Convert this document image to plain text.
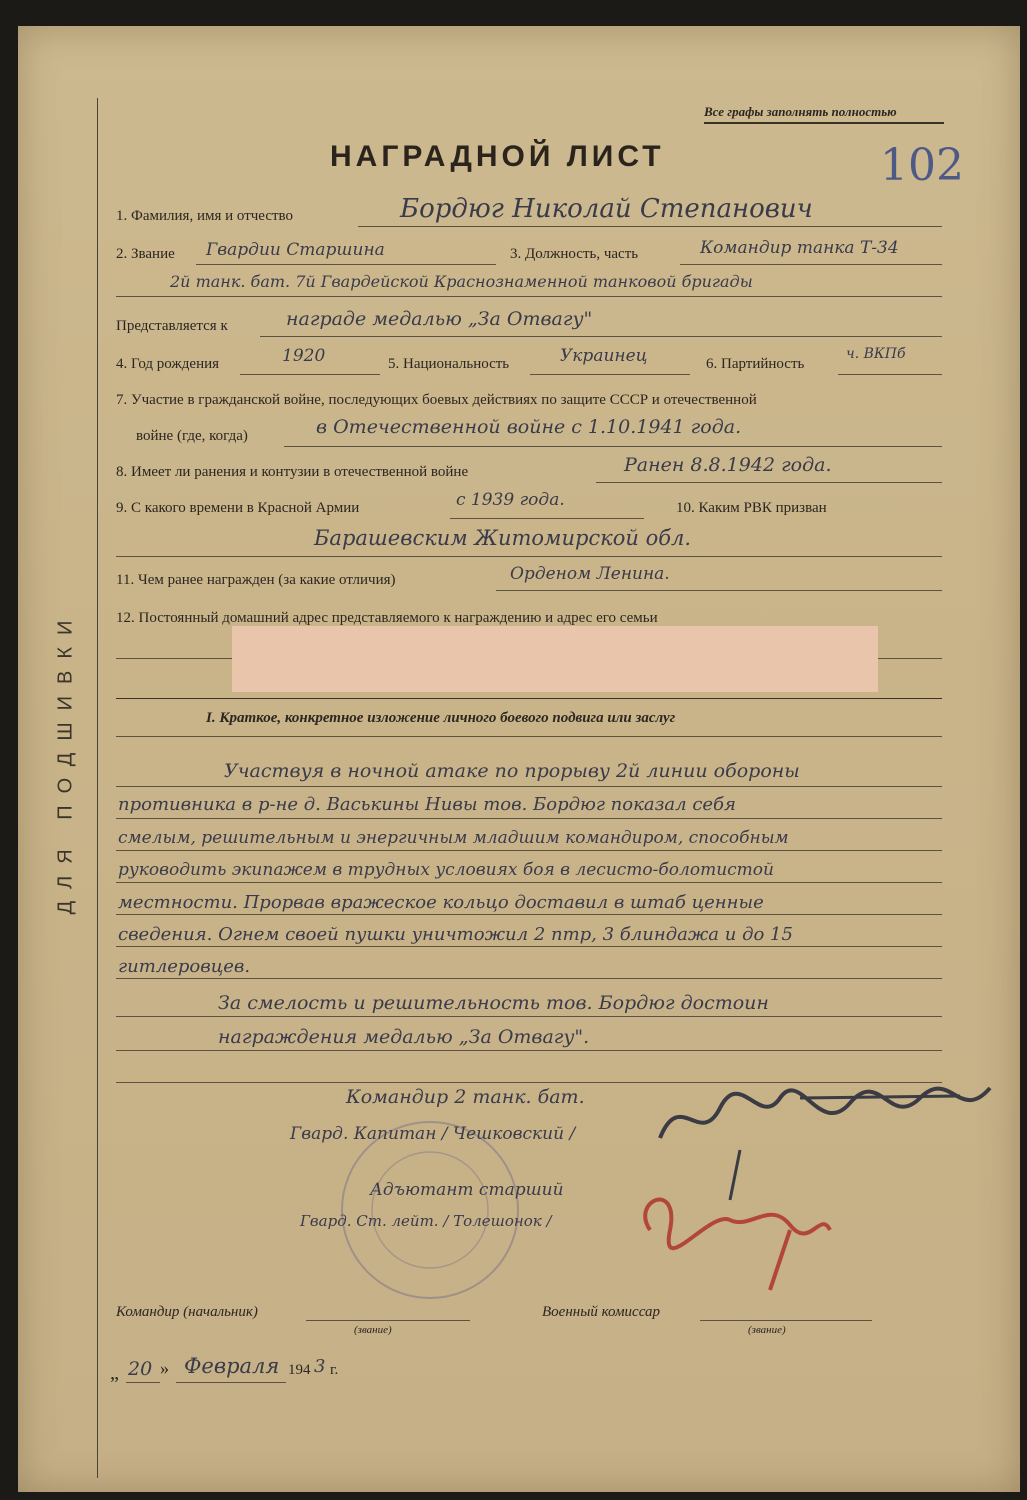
ДЛЯ ПОДШИВКИ
Все графы заполнять полностью
102
НАГРАДНОЙ ЛИСТ
1. Фамилия, имя и отчество	Бордюг Николай Степанович
2. Звание Гвардии Старшина	3. Должность, часть	Командир танка Т-34
2й танк. бат. 7й Гвардейской Краснознаменной танковой бригады
Представляется к	награде медалью „За Отвагу"
4. Год рождения	1920	5. Национальность	Украинец	6. Партийность
ч. ВКПб
7. Участие в гражданской войне, последующих боевых действиях по защите СССР и отечественной
войне (где, когда)	в Отечественной войне с 1.10.1941 года.
8. Имеет ли ранения и контузии в отечественной войне	Ранен 8.8.1942 года.
9. С какого времени в Красной Армии	с 1939 года.	10. Каким РВК призван
Барашевским Житомирской обл.
11. Чем ранее награжден (за какие отличия)	Орденом Ленина.
12. Постоянный домашний адрес представляемого к награждению и адрес его семьи
I. Краткое, конкретное изложение личного боевого подвига или заслуг
Участвуя в ночной атаке по прорыву 2й линии обороны
противника в р-не д. Васькины Нивы тов. Бордюг показал себя
смелым, решительным и энергичным младшим командиром, способным
руководить экипажем в трудных условиях боя в лесисто-болотистой
местности. Прорвав вражеское кольцо доставил в штаб ценные
сведения. Огнем своей пушки уничтожил 2 птр, 3 блиндажа и до 15
гитлеровцев.
За смелость и решительность тов. Бордюг достоин
награждения медалью „За Отвагу".
Командир 2 танк. бат.
Гвард. Капитан / Чешковский /
Адъютант старший
Гвард. Ст. лейт. / Толешонок /
Командир (начальник)
(звание)
Военный комиссар
(звание)
„ 20 » Февраля 194 3 г.
